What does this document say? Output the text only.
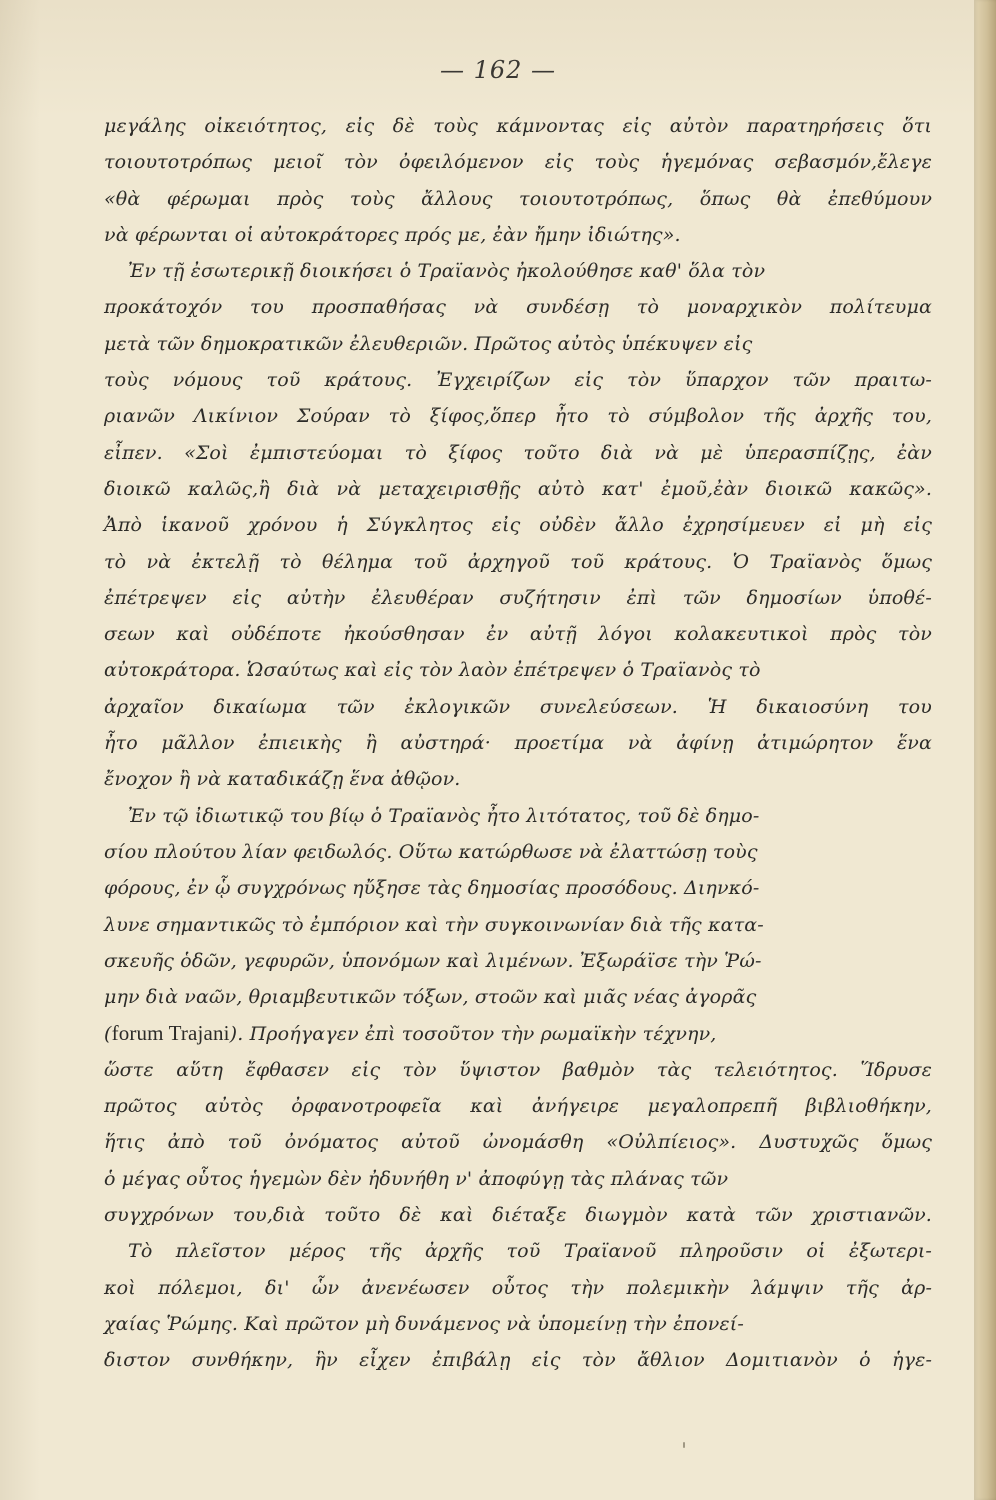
— 162 —
μεγάλης οἰκειότητος, εἰς δὲ τοὺς κάμνοντας εἰς αὐτὸν παρατηρήσεις ὅτι
τοιουτοτρόπως μειοῖ τὸν ὀφειλόμενον εἰς τοὺς ἡγεμόνας σεβασμόν,ἔλεγε
«θὰ φέρωμαι πρὸς τοὺς ἄλλους τοιουτοτρόπως, ὅπως θὰ ἐπεθύμουν
νὰ φέρωνται οἱ αὐτοκράτορες πρός με, ἐὰν ἤμην ἰδιώτης».
Ἐν τῇ ἐσωτερικῇ διοικήσει ὁ Τραϊανὸς ἠκολούθησε καθ' ὅλα τὸν
προκάτοχόν του προσπαθήσας νὰ συνδέσῃ τὸ μοναρχικὸν πολίτευμα
μετὰ τῶν δημοκρατικῶν ἐλευθεριῶν. Πρῶτος αὐτὸς ὑπέκυψεν εἰς
τοὺς νόμους τοῦ κράτους. Ἐγχειρίζων εἰς τὸν ὕπαρχον τῶν πραιτω-
ριανῶν Λικίνιον Σούραν τὸ ξίφος,ὅπερ ἦτο τὸ σύμβολον τῆς ἀρχῆς του,
εἶπεν. «Σοὶ ἐμπιστεύομαι τὸ ξίφος τοῦτο διὰ νὰ μὲ ὑπερασπίζῃς, ἐὰν
διοικῶ καλῶς,ἢ διὰ νὰ μεταχειρισθῇς αὐτὸ κατ' ἐμοῦ,ἐὰν διοικῶ κακῶς».
Ἀπὸ ἱκανοῦ χρόνου ἡ Σύγκλητος εἰς οὐδὲν ἄλλο ἐχρησίμευεν εἰ μὴ εἰς
τὸ νὰ ἐκτελῇ τὸ θέλημα τοῦ ἀρχηγοῦ τοῦ κράτους. Ὁ Τραϊανὸς ὅμως
ἐπέτρεψεν εἰς αὐτὴν ἐλευθέραν συζήτησιν ἐπὶ τῶν δημοσίων ὑποθέ-
σεων καὶ οὐδέποτε ἠκούσθησαν ἐν αὐτῇ λόγοι κολακευτικοὶ πρὸς τὸν
αὐτοκράτορα. Ὡσαύτως καὶ εἰς τὸν λαὸν ἐπέτρεψεν ὁ Τραϊανὸς τὸ
ἀρχαῖον δικαίωμα τῶν ἐκλογικῶν συνελεύσεων. Ἡ δικαιοσύνη του
ἦτο μᾶλλον ἐπιεικὴς ἢ αὐστηρά· προετίμα νὰ ἀφίνῃ ἀτιμώρητον ἕνα
ἔνοχον ἢ νὰ καταδικάζῃ ἕνα ἀθῷον.
Ἐν τῷ ἰδιωτικῷ του βίῳ ὁ Τραϊανὸς ἦτο λιτότατος, τοῦ δὲ δημο-
σίου πλούτου λίαν φειδωλός. Οὕτω κατώρθωσε νὰ ἐλαττώσῃ τοὺς
φόρους, ἐν ᾧ συγχρόνως ηὔξησε τὰς δημοσίας προσόδους. Διηνκό-
λυνε σημαντικῶς τὸ ἐμπόριον καὶ τὴν συγκοινωνίαν διὰ τῆς κατα-
σκευῆς ὁδῶν, γεφυρῶν, ὑπονόμων καὶ λιμένων. Ἐξωράϊσε τὴν Ῥώ-
μην διὰ ναῶν, θριαμβευτικῶν τόξων, στοῶν καὶ μιᾶς νέας ἀγορᾶς
(forum Trajani). Προήγαγεν ἐπὶ τοσοῦτον τὴν ρωμαϊκὴν τέχνην,
ὥστε αὕτη ἔφθασεν εἰς τὸν ὕψιστον βαθμὸν τὰς τελειότητος. Ἵδρυσε
πρῶτος αὐτὸς ὀρφανοτροφεῖα καὶ ἀνήγειρε μεγαλοπρεπῆ βιβλιοθήκην,
ἥτις ἀπὸ τοῦ ὀνόματος αὐτοῦ ὠνομάσθη «Οὐλπίειος». Δυστυχῶς ὅμως
ὁ μέγας οὗτος ἡγεμὼν δὲν ἠδυνήθη ν' ἀποφύγῃ τὰς πλάνας τῶν
συγχρόνων του,διὰ τοῦτο δὲ καὶ διέταξε διωγμὸν κατὰ τῶν χριστιανῶν.
Τὸ πλεῖστον μέρος τῆς ἀρχῆς τοῦ Τραϊανοῦ πληροῦσιν οἱ ἐξωτερι-
κοὶ πόλεμοι, δι' ὧν ἀνενέωσεν οὗτος τὴν πολεμικὴν λάμψιν τῆς ἀρ-
χαίας Ῥώμης. Καὶ πρῶτον μὴ δυνάμενος νὰ ὑπομείνῃ τὴν ἐπονεί-
διστον συνθήκην, ἣν εἶχεν ἐπιβάλῃ εἰς τὸν ἄθλιον Δομιτιανὸν ὁ ἡγε-
